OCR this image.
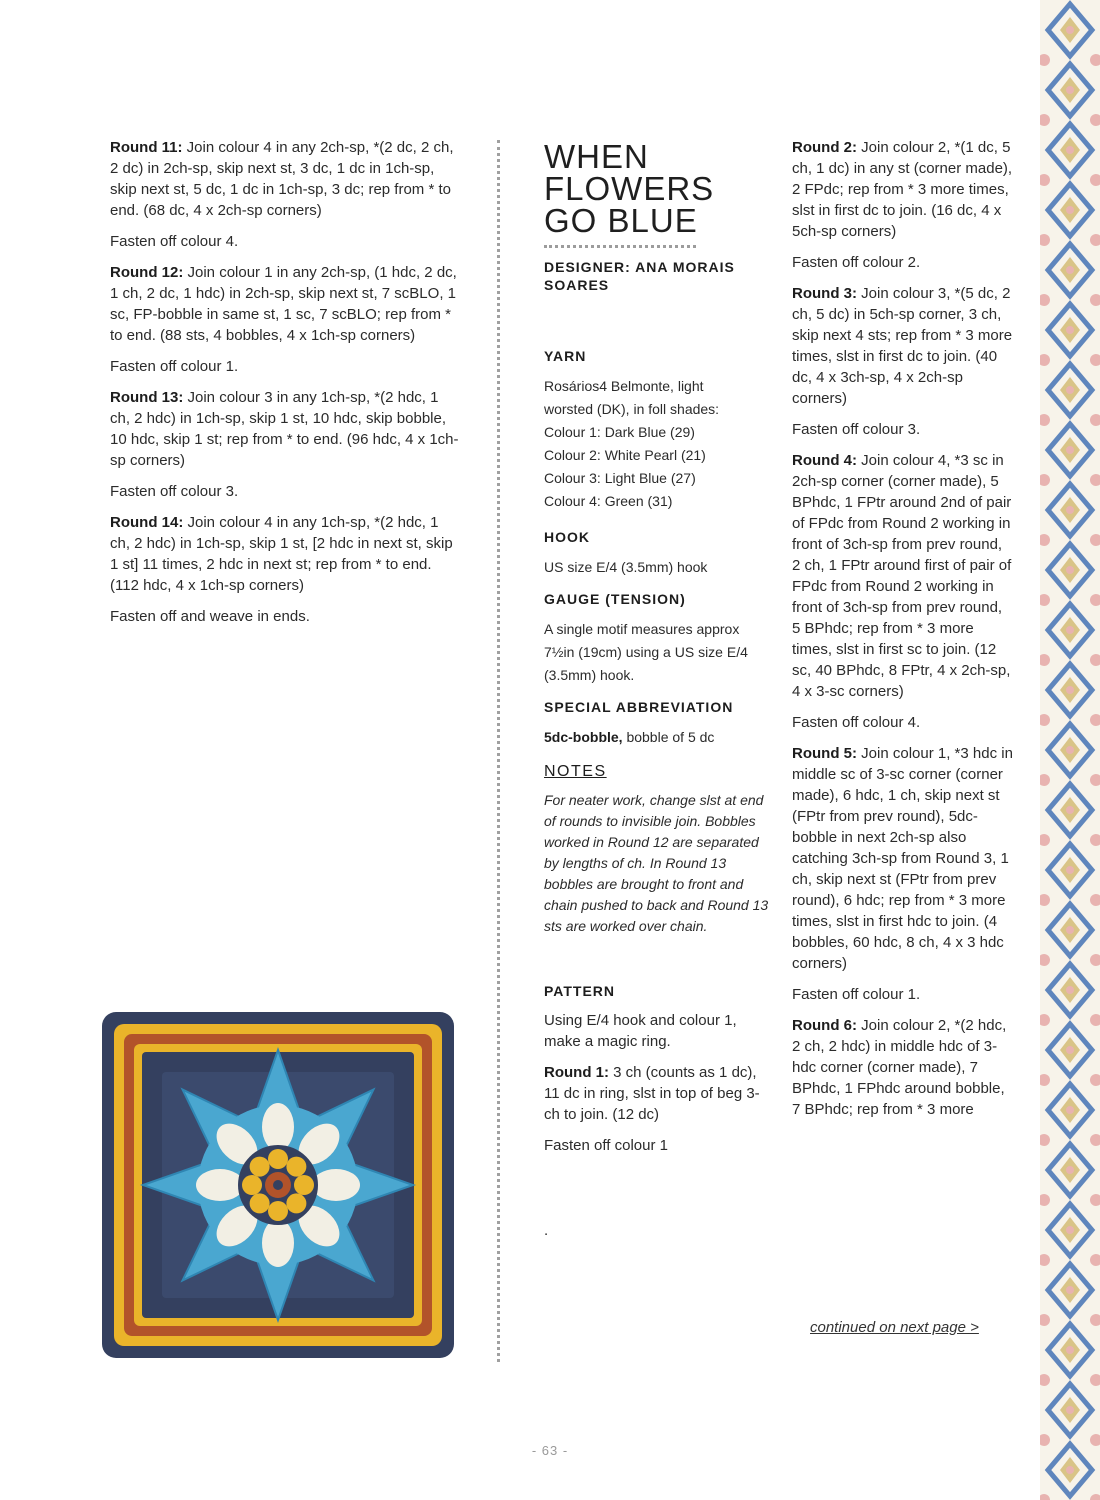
Round 11: Join colour 4 in any 2ch-sp, *(2 dc, 2 ch, 2 dc) in 2ch-sp, skip next st, 3 dc, 1 dc in 1ch-sp, skip next st, 5 dc, 1 dc in 1ch-sp, 3 dc; rep from * to end. (68 dc, 4 x 2ch-sp corners)

Fasten off colour 4.

Round 12: Join colour 1 in any 2ch-sp, (1 hdc, 2 dc, 1 ch, 2 dc, 1 hdc) in 2ch-sp, skip next st, 7 scBLO, 1 sc, FP-bobble in same st, 1 sc, 7 scBLO; rep from * to end. (88 sts, 4 bobbles, 4 x 1ch-sp corners)

Fasten off colour 1.

Round 13: Join colour 3 in any 1ch-sp, *(2 hdc, 1 ch, 2 hdc) in 1ch-sp, skip 1 st, 10 hdc, skip bobble, 10 hdc, skip 1 st; rep from * to end. (96 hdc, 4 x 1ch-sp corners)

Fasten off colour 3.

Round 14: Join colour 4 in any 1ch-sp, *(2 hdc, 1 ch, 2 hdc) in 1ch-sp, skip 1 st, [2 hdc in next st, skip 1 st] 11 times, 2 hdc in next st; rep from * to end. (112 hdc, 4 x 1ch-sp corners)

Fasten off and weave in ends.

WHEN
FLOWERS
GO BLUE
DESIGNER: ANA MORAIS SOARES
YARN
Rosários4 Belmonte, light
worsted (DK), in foll shades:
Colour 1: Dark Blue (29)
Colour 2: White Pearl (21)
Colour 3: Light Blue (27)
Colour 4: Green (31)
HOOK

US size E/4 (3.5mm) hook

GAUGE (TENSION)

A single motif measures approx 7½in (19cm) using a US size E/4 (3.5mm) hook.

SPECIAL ABBREVIATION

5dc-bobble, bobble of 5 dc

NOTES
For neater work, change slst at end of rounds to invisible join. Bobbles worked in Round 12 are separated by lengths of ch. In Round 13 bobbles are brought to front and chain pushed to back and Round 13 sts are worked over chain.
PATTERN

Using E/4 hook and colour 1, make a magic ring.

Round 1: 3 ch (counts as 1 dc), 11 dc in ring, slst in top of beg 3-ch to join. (12 dc)

Fasten off colour 1

.

Round 2: Join colour 2, *(1 dc, 5 ch, 1 dc) in any st (corner made), 2 FPdc; rep from * 3 more times, slst in first dc to join. (16 dc, 4 x 5ch-sp corners)

Fasten off colour 2.

Round 3: Join colour 3, *(5 dc, 2 ch, 5 dc) in 5ch-sp corner, 3 ch, skip next 4 sts; rep from * 3 more times, slst in first dc to join. (40 dc, 4 x 3ch-sp, 4 x 2ch-sp corners)

Fasten off colour 3.

Round 4: Join colour 4, *3 sc in 2ch-sp corner (corner made), 5 BPhdc, 1 FPtr around 2nd of pair of FPdc from Round 2 working in front of 3ch-sp from prev round, 2 ch, 1 FPtr around first of pair of FPdc from Round 2 working in front of 3ch-sp from prev round, 5 BPhdc; rep from * 3 more times, slst in first sc to join. (12 sc, 40 BPhdc, 8 FPtr, 4 x 2ch-sp, 4 x 3-sc corners)

Fasten off colour 4.

Round 5: Join colour 1, *3 hdc in middle sc of 3-sc corner (corner made), 6 hdc, 1 ch, skip next st (FPtr from prev round), 5dc-bobble in next 2ch-sp also catching 3ch-sp from Round 3, 1 ch, skip next st (FPtr from prev round), 6 hdc; rep from * 3 more times, slst in first hdc to join. (4 bobbles, 60 hdc, 8 ch, 4 x 3 hdc corners)

Fasten off colour 1.

Round 6: Join colour 2, *(2 hdc, 2 ch, 2 hdc) in middle hdc of 3-hdc corner (corner made), 7 BPhdc, 1 FPhdc around bobble, 7 BPhdc; rep from * 3 more

continued on next page >
- 63 -
